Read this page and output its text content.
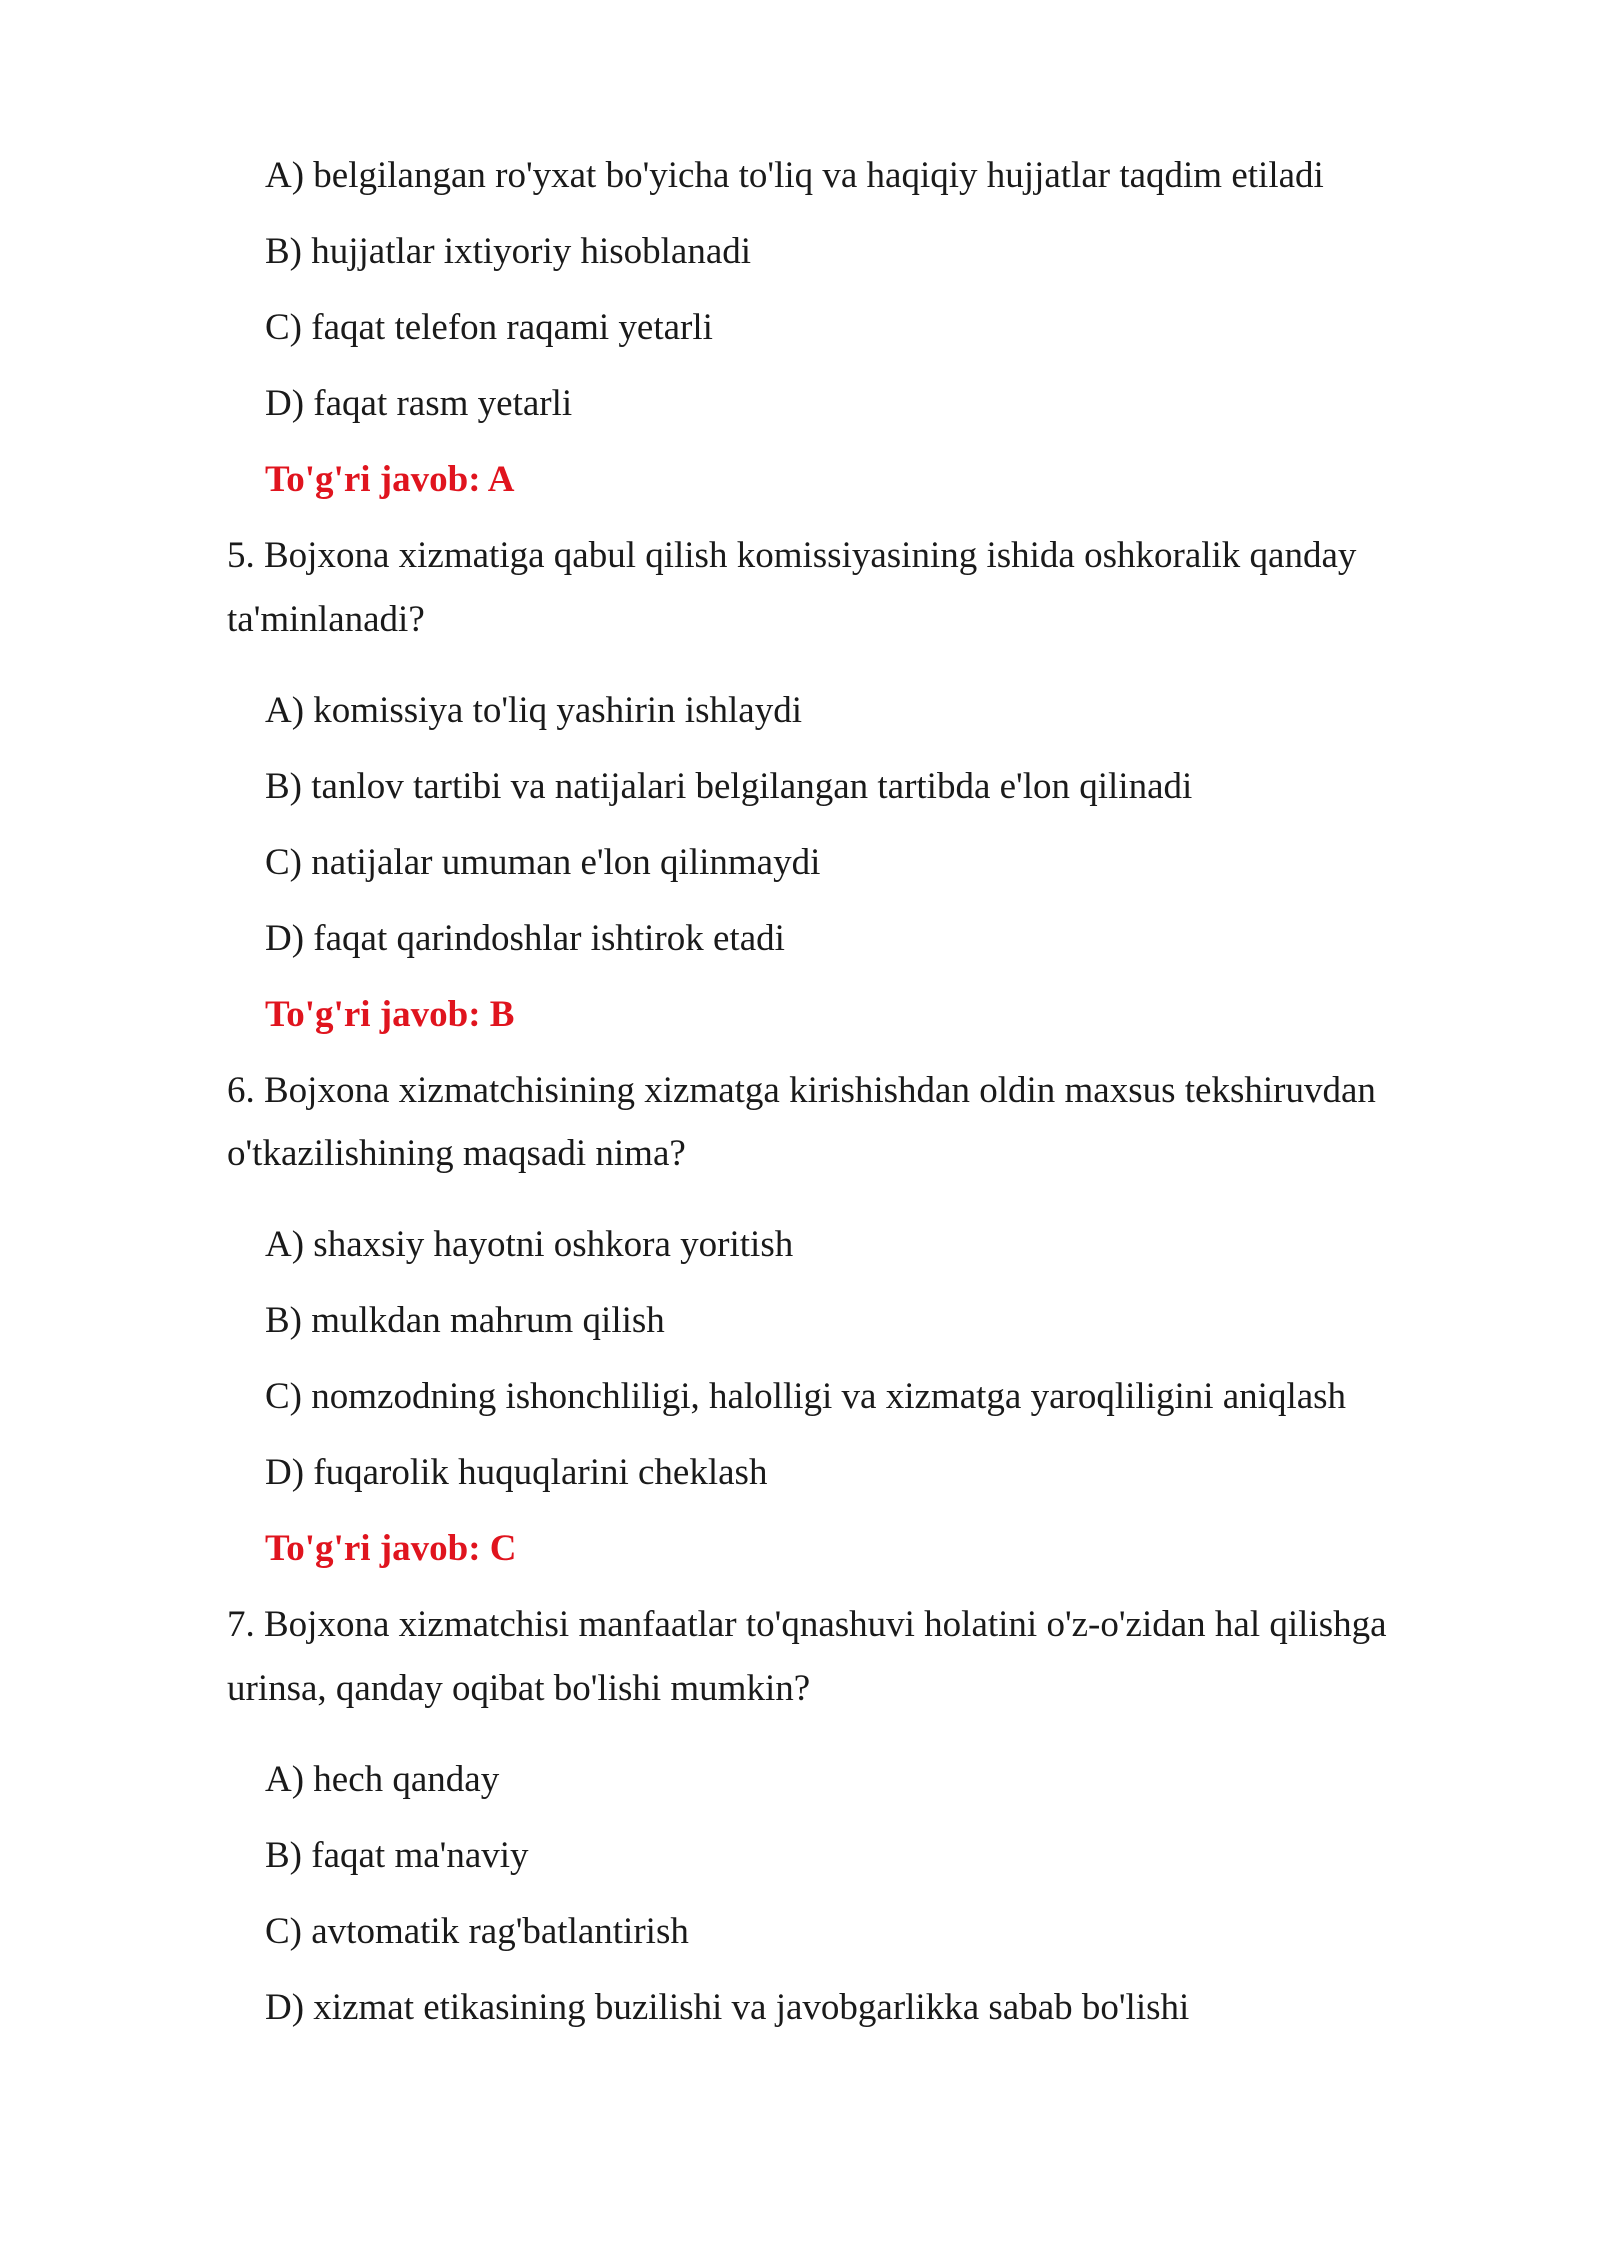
A) belgilangan ro'yxat bo'yicha to'liq va haqiqiy hujjatlar taqdim etiladi
B) hujjatlar ixtiyoriy hisoblanadi
C) faqat telefon raqami yetarli
D) faqat rasm yetarli
To'g'ri javob: A
5. Bojxona xizmatiga qabul qilish komissiyasining ishida oshkoralik qanday
ta'minlanadi?
A) komissiya to'liq yashirin ishlaydi
B) tanlov tartibi va natijalari belgilangan tartibda e'lon qilinadi
C) natijalar umuman e'lon qilinmaydi
D) faqat qarindoshlar ishtirok etadi
To'g'ri javob: B
6. Bojxona xizmatchisining xizmatga kirishishdan oldin maxsus tekshiruvdan
o'tkazilishining maqsadi nima?
A) shaxsiy hayotni oshkora yoritish
B) mulkdan mahrum qilish
C) nomzodning ishonchliligi, halolligi va xizmatga yaroqliligini aniqlash
D) fuqarolik huquqlarini cheklash
To'g'ri javob: C
7. Bojxona xizmatchisi manfaatlar to'qnashuvi holatini o'z-o'zidan hal qilishga
urinsa, qanday oqibat bo'lishi mumkin?
A) hech qanday
B) faqat ma'naviy
C) avtomatik rag'batlantirish
D) xizmat etikasining buzilishi va javobgarlikka sabab bo'lishi
